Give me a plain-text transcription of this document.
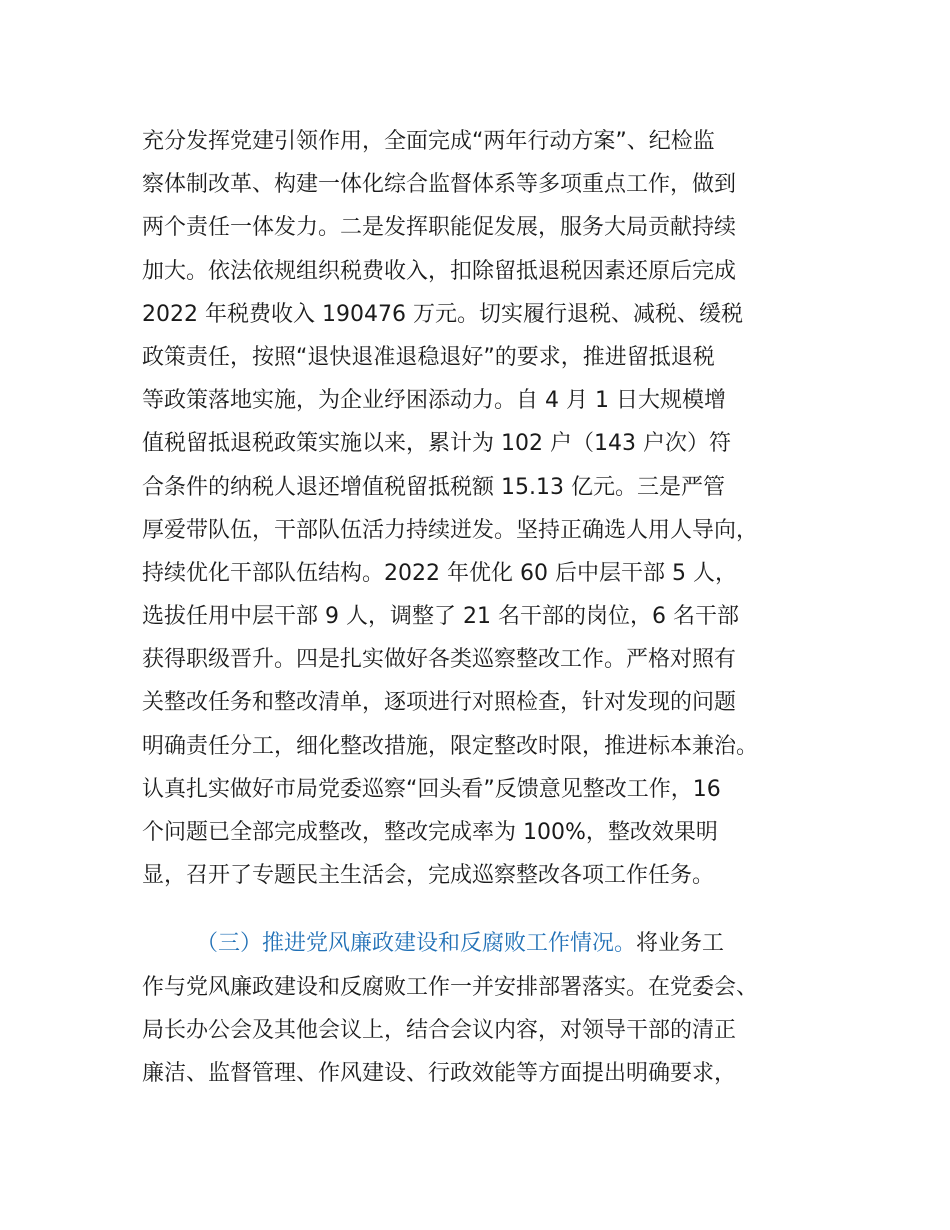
充分发挥党建引领作用，全面完成“两年行动方案”、纪检监
察体制改革、构建一体化综合监督体系等多项重点工作，做到
两个责任一体发力。二是发挥职能促发展，服务大局贡献持续
加大。依法依规组织税费收入，扣除留抵退税因素还原后完成
2022 年税费收入 190476 万元。切实履行退税、减税、缓税
政策责任，按照“退快退准退稳退好”的要求，推进留抵退税
等政策落地实施，为企业纾困添动力。自 4 月 1 日大规模增
值税留抵退税政策实施以来，累计为 102 户（143 户次）符
合条件的纳税人退还增值税留抵税额 15.13 亿元。三是严管
厚爱带队伍，干部队伍活力持续迸发。坚持正确选人用人导向，
持续优化干部队伍结构。2022 年优化 60 后中层干部 5 人，
选拔任用中层干部 9 人，调整了 21 名干部的岗位，6 名干部
获得职级晋升。四是扎实做好各类巡察整改工作。严格对照有
关整改任务和整改清单，逐项进行对照检查，针对发现的问题
明确责任分工，细化整改措施，限定整改时限，推进标本兼治。
认真扎实做好市局党委巡察“回头看”反馈意见整改工作，16
个问题已全部完成整改，整改完成率为 100%，整改效果明
显，召开了专题民主生活会，完成巡察整改各项工作任务。
（三）推进党风廉政建设和反腐败工作情况。将业务工
作与党风廉政建设和反腐败工作一并安排部署落实。在党委会、
局长办公会及其他会议上，结合会议内容，对领导干部的清正
廉洁、监督管理、作风建设、行政效能等方面提出明确要求，
